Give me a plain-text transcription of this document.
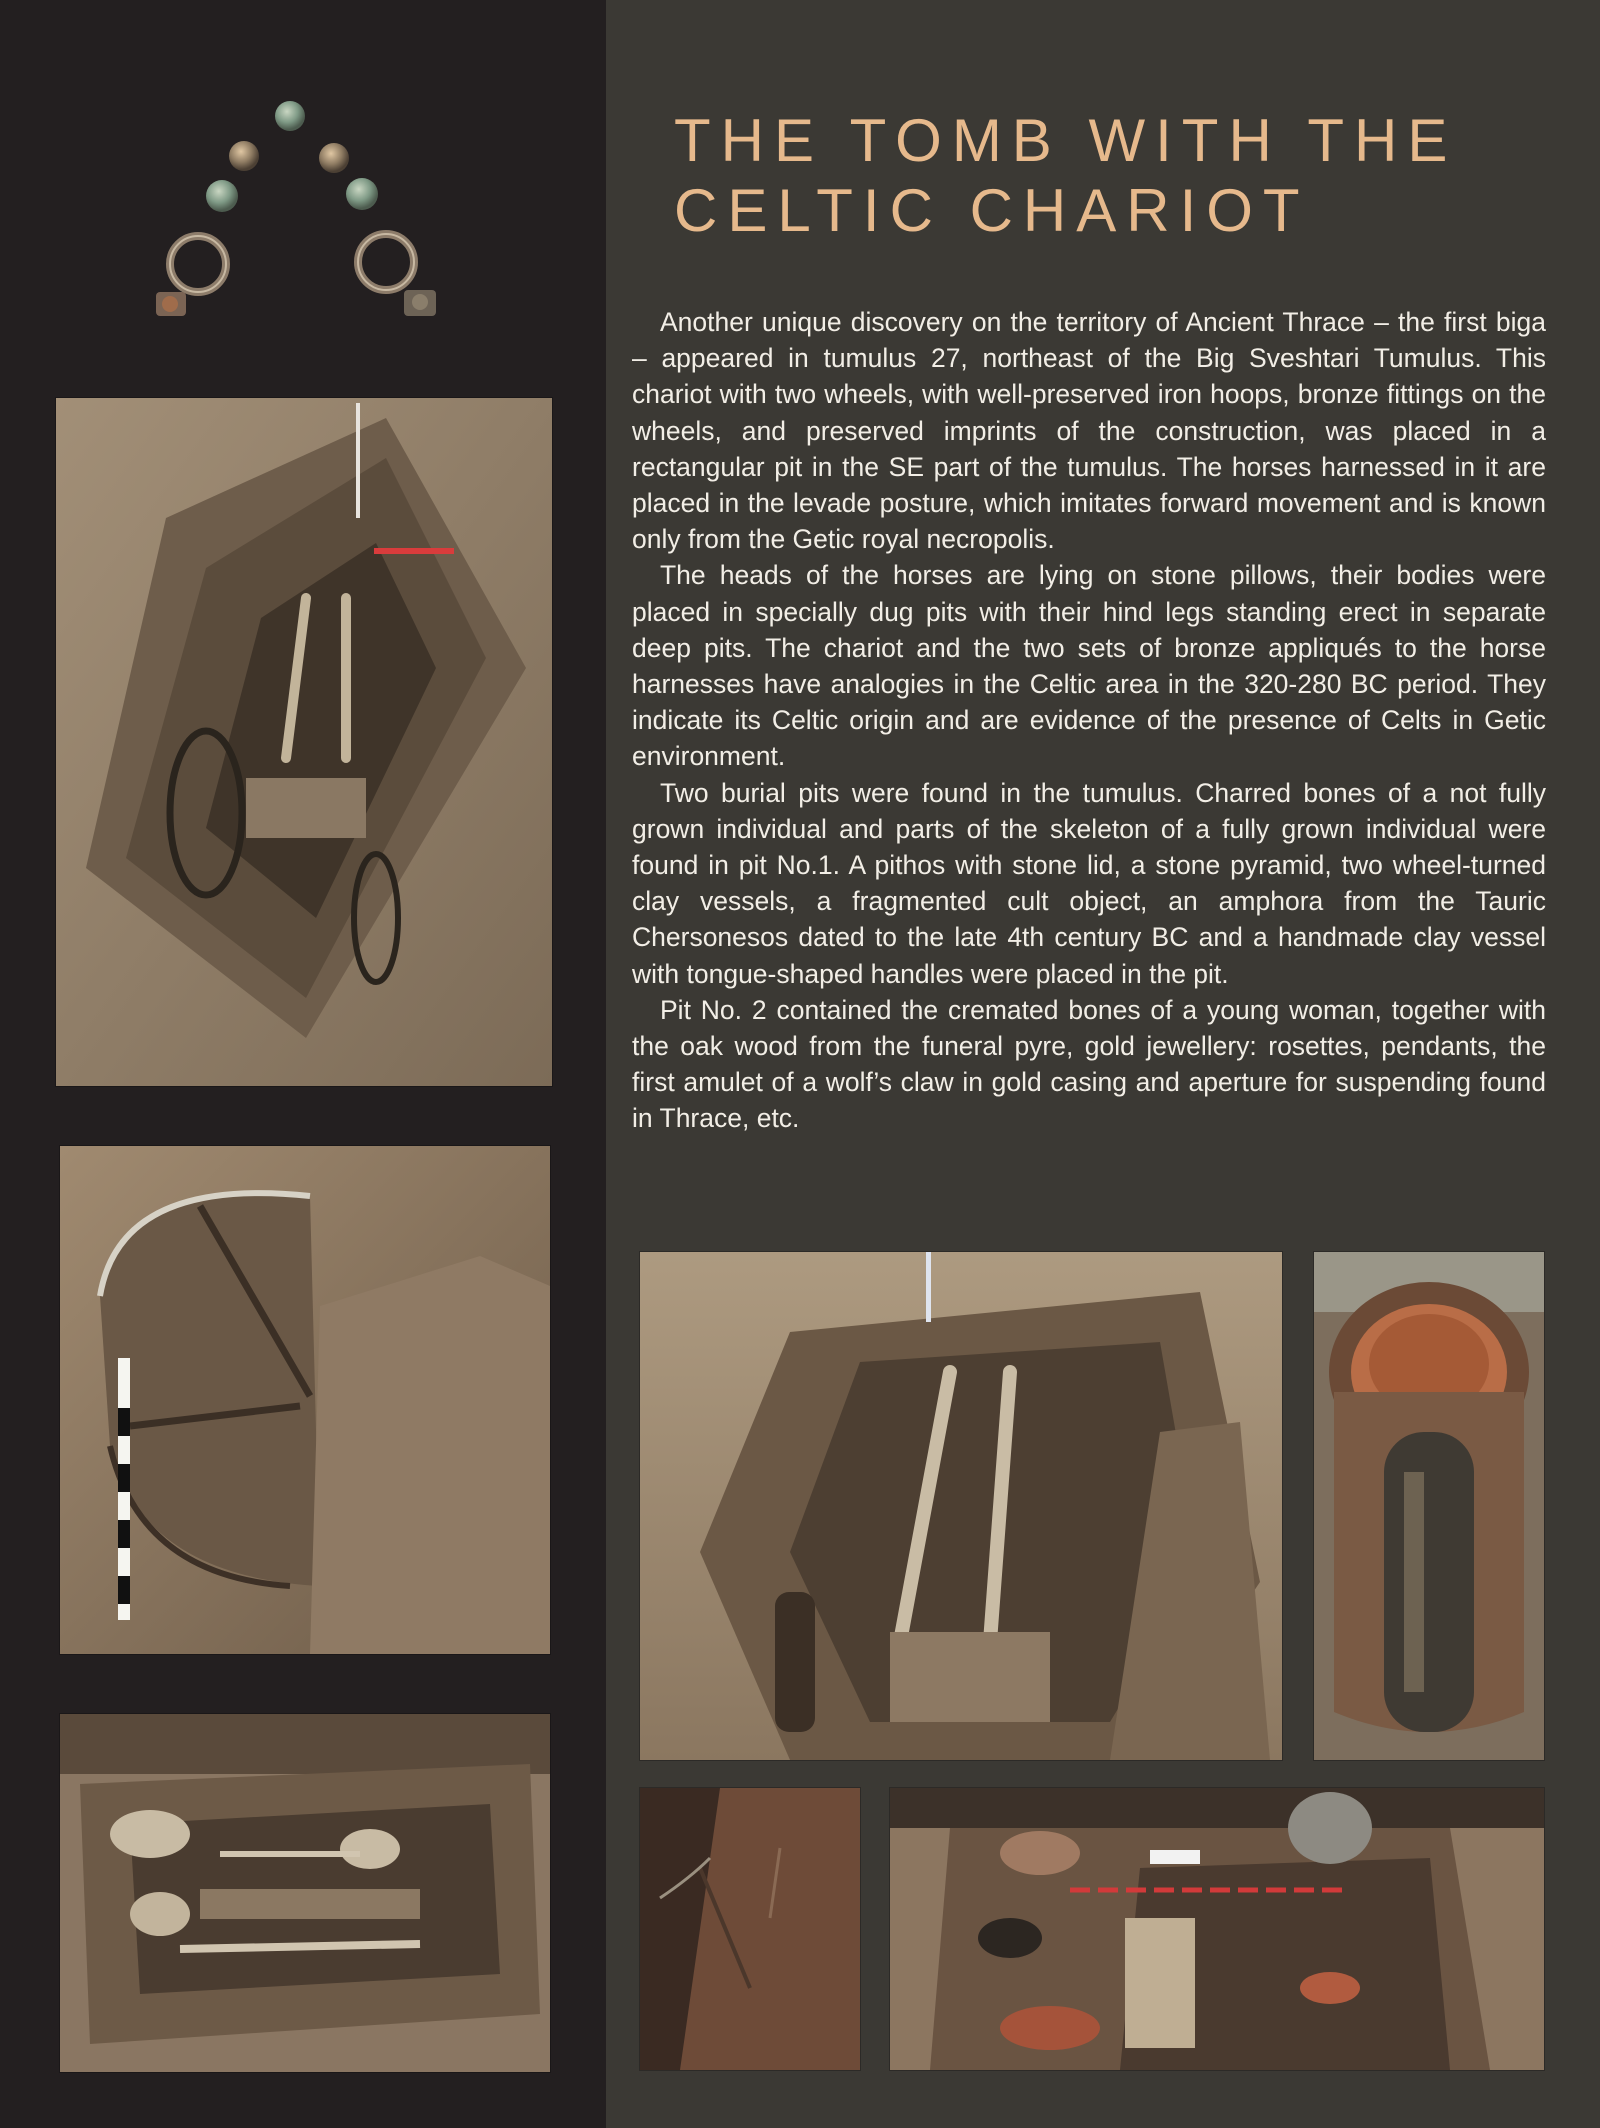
THE TOMB WITH THE
CELTIC CHARIOT

Another unique discovery on the territory of Ancient Thrace – the first biga – appeared in tumulus 27, northeast of the Big Sveshtari Tumulus. This chariot with two wheels, with well-preserved iron hoops, bronze fittings on the wheels, and preserved imprints of the construction, was placed in a rectangular pit in the SE part of the tumulus. The horses harnessed in it are placed in the levade posture, which imitates forward movement and is known only from the Getic royal necropolis.

The heads of the horses are lying on stone pillows, their bodies were placed in specially dug pits with their hind legs standing erect in separate deep pits. The chariot and the two sets of bronze appliqués to the horse harnesses have analogies in the Celtic area in the 320-280 BC period. They indicate its Celtic origin and are evidence of the presence of Celts in Getic environment.

Two burial pits were found in the tumulus. Charred bones of a not fully grown individual and parts of the skeleton of a fully grown individual were found in pit No.1. A pithos with stone lid, a stone pyramid, two wheel-turned clay vessels, a fragmented cult object, an amphora from the Tauric Chersonesos dated to the late 4th century BC and a handmade clay vessel with tongue-shaped handles were placed in the pit.

Pit No. 2 contained the cremated bones of a young woman, together with the oak wood from the funeral pyre, gold jewellery: rosettes, pendants, the first amulet of a wolf’s claw in gold casing and aperture for suspending found in Thrace, etc.
